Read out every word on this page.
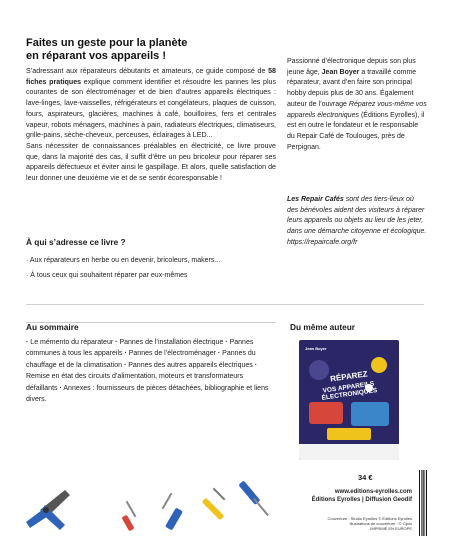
Faites un geste pour la planète
en réparant vos appareils !

S’adressant aux réparateurs débutants et amateurs, ce guide composé de 58 fiches pratiques explique comment identifier et résoudre les pannes les plus courantes de son électroménager et de bien d’autres appareils électriques : lave-linges, lave-vaisselles, réfrigérateurs et congélateurs, plaques de cuisson, fours, aspirateurs, glacières, machines à café, bouilloires, fers et centrales vapeur, robots ménagers, machines à pain, radiateurs électriques, climatiseurs, grille-pains, sèche-cheveux, perceuses, éclairages à LED...

Sans nécessiter de connaissances préalables en électricité, ce livre prouve que, dans la majorité des cas, il suffit d’être un peu bricoleur pour réparer ses appareils défectueux et éviter ainsi le gaspillage. Et alors, quelle satisfaction de leur donner une deuxième vie et de se sentir écoresponsable !

À qui s’adresse ce livre ?
· Aux réparateurs en herbe ou en devenir, bricoleurs, makers...
· À tous ceux qui souhaitent réparer par eux-mêmes

Passionné d’électronique depuis son plus jeune âge, Jean Boyer a travaillé comme réparateur, avant d’en faire son principal hobby depuis plus de 30 ans. Également auteur de l’ouvrage Réparez vous-même vos appareils électroniques (Éditions Eyrolles), il est en outre le fondateur et le responsable du Repair Café de Toulouges, près de Perpignan.

Les Repair Cafés sont des tiers-lieux où des bénévoles aident des visiteurs à réparer leurs appareils ou objets au lieu de les jeter, dans une démarche citoyenne et écologique.
https://repaircafe.org/fr
Au sommaire
· Le mémento du réparateur · Pannes de l’installation électrique · Pannes communes à tous les appareils · Pannes de l’électroménager · Pannes du chauffage et de la climatisation · Pannes des autres appareils électriques · Remise en état des circuits d’alimentation, moteurs et transformateurs défaillants · Annexes : fournisseurs de pièces détachées, bibliographie et liens divers.
Du même auteur
Jean Boyer
RÉPAREZ
VOS APPAREILS ÉLECTRONIQUES
34 €
www.editions-eyrolles.com
Éditions Eyrolles | Diffusion Geodif
Couverture : Studio Eyrolles © Éditions Eyrolles
Illustrations de couverture : © Ojolo
IMPRIMÉ EN EUROPE
